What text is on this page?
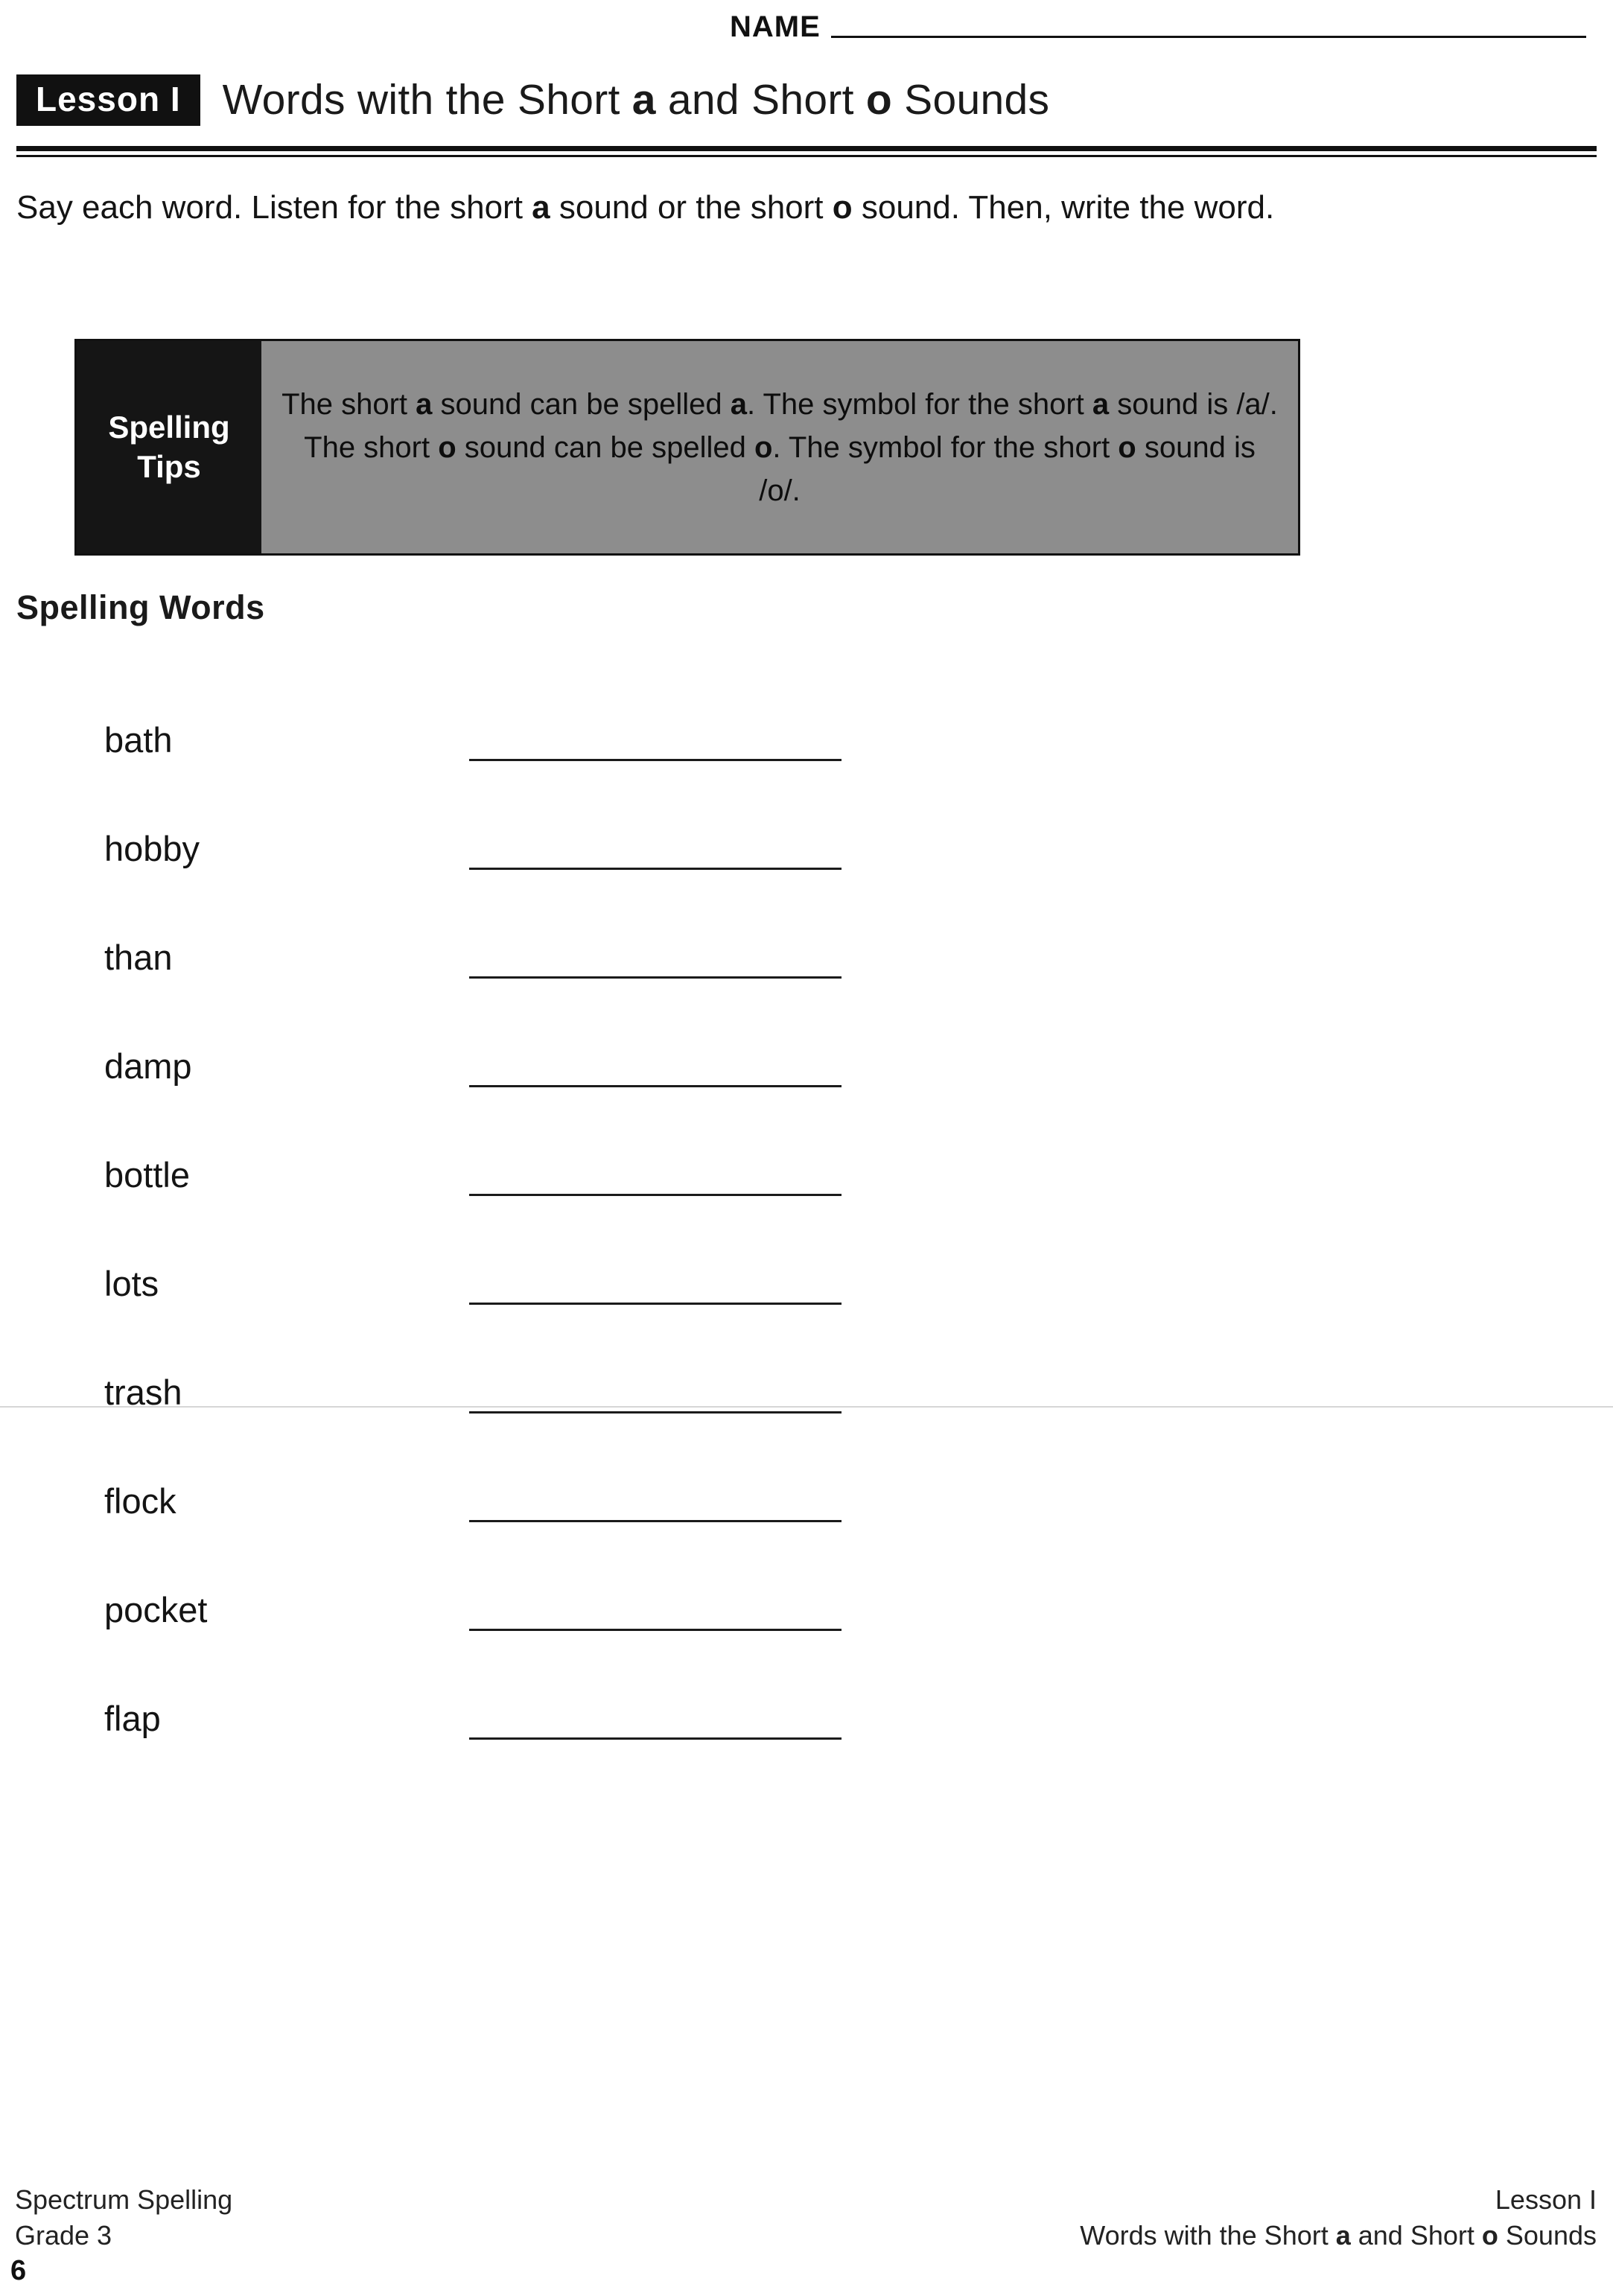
NAME
Lesson I Words with the Short a and Short o Sounds
Say each word. Listen for the short a sound or the short o sound. Then, write the word.
Spelling
Tips
The short a sound can be spelled a. The symbol for the short a sound is /a/. The short o sound can be spelled o. The symbol for the short o sound is /o/.
Spelling Words
bath
hobby
than
damp
bottle
lots
trash
flock
pocket
flap
Spectrum Spelling
Grade 3
Lesson I
Words with the Short a and Short o Sounds
6
